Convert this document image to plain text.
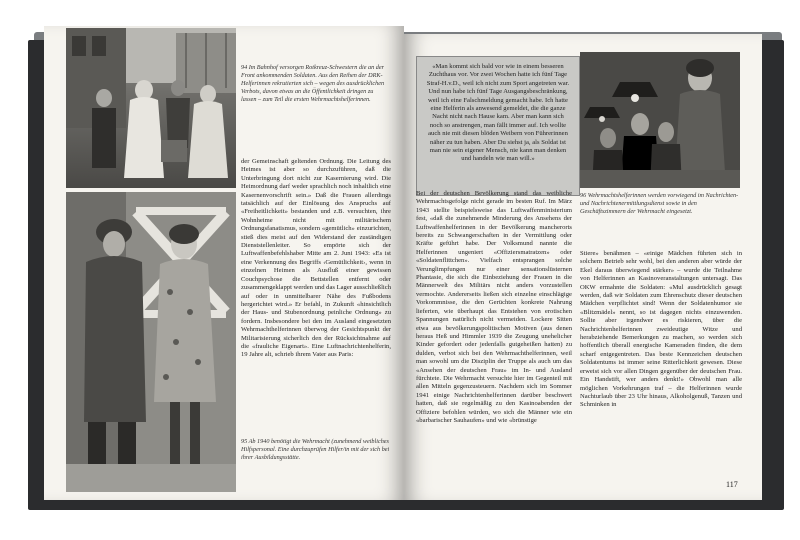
94 Im Bahnhof versorgen Rotkreuz-Schwestern die an der Front ankommenden Soldaten. Aus den Reihen der DRK-Helferinnen rekrutierten sich – wegen des ausdrücklichen Verbots, davon etwas an die Öffentlichkeit dringen zu lassen – zum Teil die ersten Wehrmachtshelferinnen.

der Gemeinschaft geltenden Ordnung. Die Leitung des Heimes ist aber so durchzuführen, daß die Unterbringung dort nicht zur Kasernierung wird. Die Heimordnung darf weder sprachlich noch inhaltlich eine Kasernenvorschrift sein.» Daß die Frauen allerdings tatsächlich auf der Einlösung des Anspruchs auf «Freiheitlichkeit» bestanden und z.B. versuchten, ihre Wohnheime nicht mit militärischem Ordnungsfanatismus, sondern «gemütlich» einzurichten, stieß dies meist auf den Widerstand der zuständigen Dienststellenleiter. So empörte sich der Luftwaffenbefehlshaber Mitte am 2. Juni 1943: «Es ist eine Verkennung des Begriffs ‹Gemütlichkeit›, wenn in einzelnen Heimen als Ausfluß einer gewissen Couchpsychose die Bettstellen entfernt oder zusammengeklappt werden und das Lager ausschließlich auf oder in unmittelbarer Nähe des Fußbodens hergerichtet wird.» Er befahl, in Zukunft «hinsichtlich der Haus- und Stubenordnung peinliche Ordnung» zu fordern. Insbesondere bei den im Ausland eingesetzten Wehrmachthelferinnen überwog der Gesichtspunkt der Militarisierung sicherlich den der Rücksichtnahme auf die «frauliche Eigenart». Eine Luftnachrichtenhelferin, 19 Jahre alt, schrieb ihrem Vater aus Paris:

95 Ab 1940 benötigt die Wehrmacht (zunehmend weibliches Hilfspersonal. Eine durchzuprüfen Hilfer/in mit der sich bei ihrer Ausbildungsstätte.
«Man kommt sich bald vor wie in einem besseren Zuchthaus vor. Vor zwei Wochen hatte ich fünf Tage Straf-H.v.D., weil ich nicht zum Sport angetreten war. Und nun habe ich fünf Tage Ausgangsbeschränkung, weil ich eine Falschmeldung gemacht habe. Ich hatte eine Helferin als anwesend gemeldet, die die ganze Nacht nicht nach Hause kam. Aber man kann sich noch so anstrengen, man fällt immer auf. Ich wollte auch nie mit diesen blöden Weibern von Führerinnen näher zu tun haben. Aber Du siehst ja, als Soldat ist man nie sein eigener Mensch, nie kann man denken und handeln wie man will.»
96 Wehrmachtshelferinnen werden vorwiegend im Nachrichten- und Nachrichtenermittlungsdienst sowie in den Geschäftszimmern der Wehrmacht eingesetzt.

Bei der deutschen Bevölkerung stand das weibliche Wehrmachtsgefolge nicht gerade im besten Ruf. Im März 1943 stellte beispielsweise das Luftwaffenministerium fest, «daß die zunehmende Minderung des Ansehens der Luftwaffenhelferinnen in der Bevölkerung mancherorts bereits zu Schwangerschaften in der Vermittlung oder Kräfte geführt habe. Der Volksmund nannte die Helferinnen ungeniert «Offiziersmatratzen» oder «Soldatenflittchen». Vielfach entsprangen solche Verunglimpfungen nur einer sensationslüsternen Phantasie, die sich die Einbeziehung der Frauen in die Männerwelt des Militärs nicht anders vorzustellen vermochte. Andererseits ließen sich einzelne einschlägige Vorkommnisse, die den Gerüchten konkrete Nahrung lieferten, wie überhaupt das Entstehen von erotischen Spannungen natürlich nicht vermeiden. Lockere Sitten etwa aus bevölkerungspolitischen Motiven (aus denen heraus Heß und Himmler 1939 die Zeugung unehelicher Kinder gefordert oder jedenfalls gutgeheißen hatten) zu dulden, verbot sich bei den Wehrmachthelferinnen, weil man sowohl um die Disziplin der Truppe als auch um das «Ansehen der deutschen Frau» im In- und Ausland fürchtete. Die Wehrmacht versuchte hier im Gegenteil mit allen Mitteln gegenzusteuern. Nachdem sich im Sommer 1941 einige Nachrichtenhelferinnen darüber beschwert hatten, daß sie regelmäßig zu den Kasinoabenden der Offiziere befohlen würden, wo sich die Männer wie ein «barbarischer Sauhaufen» und wie «brünstige

Stiere» benähmen – «einige Mädchen führten sich in solchem Betrieb sehr wohl, bei den anderen aber würde der Ekel daraus überwiegend stärker» – wurde die Teilnahme von Helferinnen an Kasinoveranstaltungen untersagt. Das OKW ermahnte die Soldaten: «Mul ausdrücklich gesagt werden, daß wir Soldaten zum Ehrenschutz dieser deutschen Mädchen verpflichtet sind! Wenn der Soldatenhumor sie «Blitzmädel» nennt, so ist dagegen nichts einzuwenden. Sollte aber irgendwer es riskieren, über die Nachrichtenhelferinnen zweideutige Witze und herabziehende Bemerkungen zu machen, so werden sich hoffentlich überall energische Kameraden finden, die dem scharf entgegentreten. Das beste Kennzeichen deutschen Soldatentums ist immer seine Ritterlichkeit gewesen. Diese erweist sich vor allen Dingen gegenüber der deutschen Frau. Ein Handstift, wer anders denkt!» Obwohl man alle möglichen Vorkehrungen traf – die Helferinnen wurde Nachturlaub über 23 Uhr hinaus, Alkoholgenuß, Tanzen und Schminken in

117
